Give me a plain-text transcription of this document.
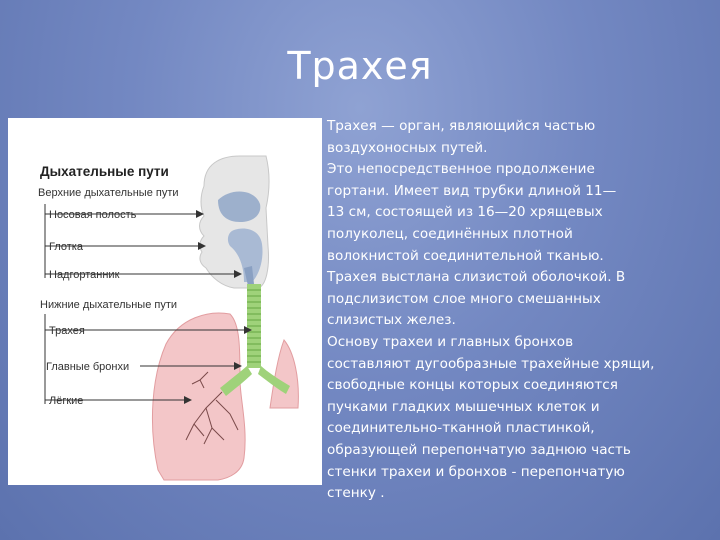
Трахея
Дыхательные пути
Верхние дыхательные пути
Носовая полость
Глотка
Надгортанник
Нижние дыхательные пути
Трахея
Главные бронхи
Лёгкие
Трахея — орган, являющийся частью
воздухоносных путей.
Это непосредственное продолжение
гортани. Имеет вид трубки длиной 11—
13 см, состоящей из 16—20 хрящевых
полуколец, соединённых плотной
волокнистой соединительной тканью.
Трахея выстлана слизистой оболочкой. В
подслизистом слое много смешанных
слизистых желез.
Основу трахеи и главных бронхов
составляют дугообразные трахейные хрящи,
свободные концы которых соединяются
пучками гладких мышечных клеток и
соединительно-тканной пластинкой,
образующей перепончатую заднюю часть
стенки трахеи и бронхов - перепончатую
стенку .
